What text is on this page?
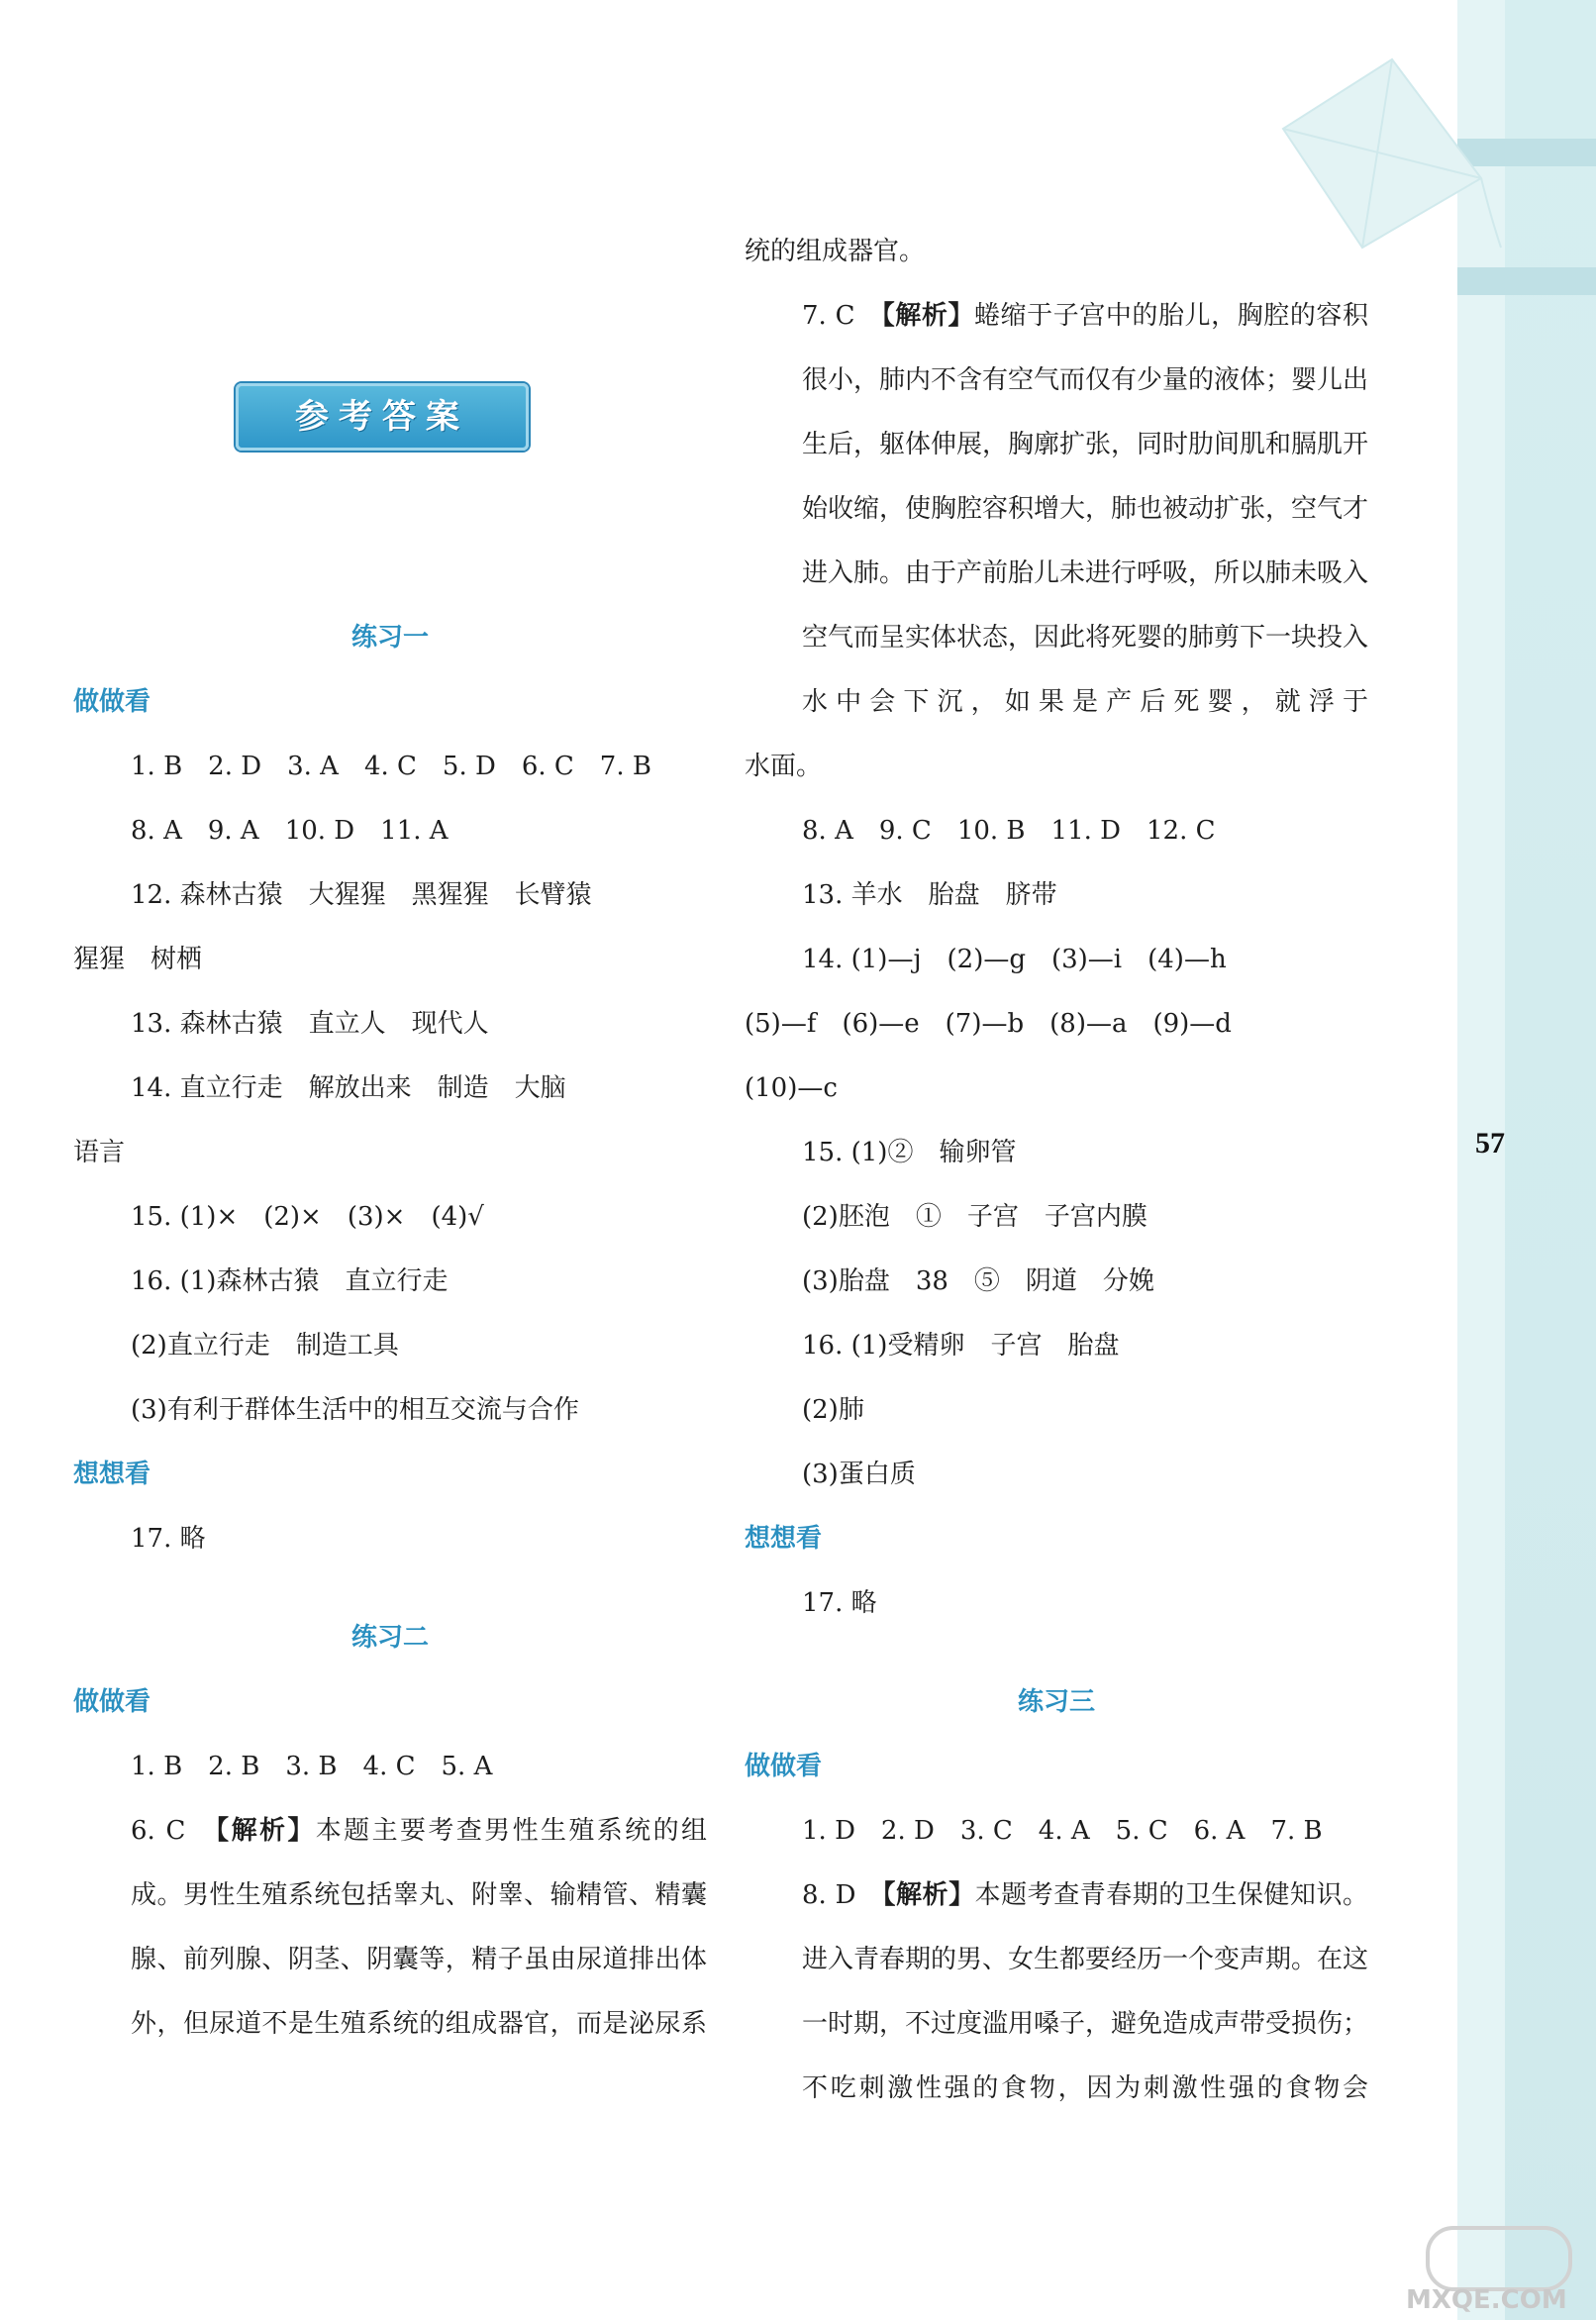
57
参考答案

练习一

做做看

1. B　2. D　3. A　4. C　5. D　6. C　7. B

8. A　9. A　10. D　11. A

12. 森林古猿　大猩猩　黑猩猩　长臂猿

猩猩　树栖

13. 森林古猿　直立人　现代人

14. 直立行走　解放出来　制造　大脑

语言

15. (1)×　(2)×　(3)×　(4)√

16. (1)森林古猿　直立行走

(2)直立行走　制造工具

(3)有利于群体生活中的相互交流与合作

想想看

17. 略

练习二

做做看

1. B　2. B　3. B　4. C　5. A

6. C　【解析】本题主要考查男性生殖系统的组成。男性生殖系统包括睾丸、附睾、输精管、精囊腺、前列腺、阴茎、阴囊等，精子虽由尿道排出体外，但尿道不是生殖系统的组成器官，而是泌尿系

统的组成器官。

7. C　【解析】蜷缩于子宫中的胎儿，胸腔的容积很小，肺内不含有空气而仅有少量的液体；婴儿出生后，躯体伸展，胸廓扩张，同时肋间肌和膈肌开始收缩，使胸腔容积增大，肺也被动扩张，空气才进入肺。由于产前胎儿未进行呼吸，所以肺未吸入空气而呈实体状态，因此将死婴的肺剪下一块投入水中会下沉，如果是产后死婴，就浮于

水面。

8. A　9. C　10. B　11. D　12. C

13. 羊水　胎盘　脐带

14. (1)—j　(2)—g　(3)—i　(4)—h

(5)—f　(6)—e　(7)—b　(8)—a　(9)—d

(10)—c

15. (1)②　输卵管

(2)胚泡　①　子宫　子宫内膜

(3)胎盘　38　⑤　阴道　分娩

16. (1)受精卵　子宫　胎盘

(2)肺

(3)蛋白质

想想看

17. 略

练习三

做做看

1. D　2. D　3. C　4. A　5. C　6. A　7. B

8. D　【解析】本题考查青春期的卫生保健知识。进入青春期的男、女生都要经历一个变声期。在这一时期，不过度滥用嗓子，避免造成声带受损伤；不吃刺激性强的食物，因为刺激性强的食物会

MXQE.COM
